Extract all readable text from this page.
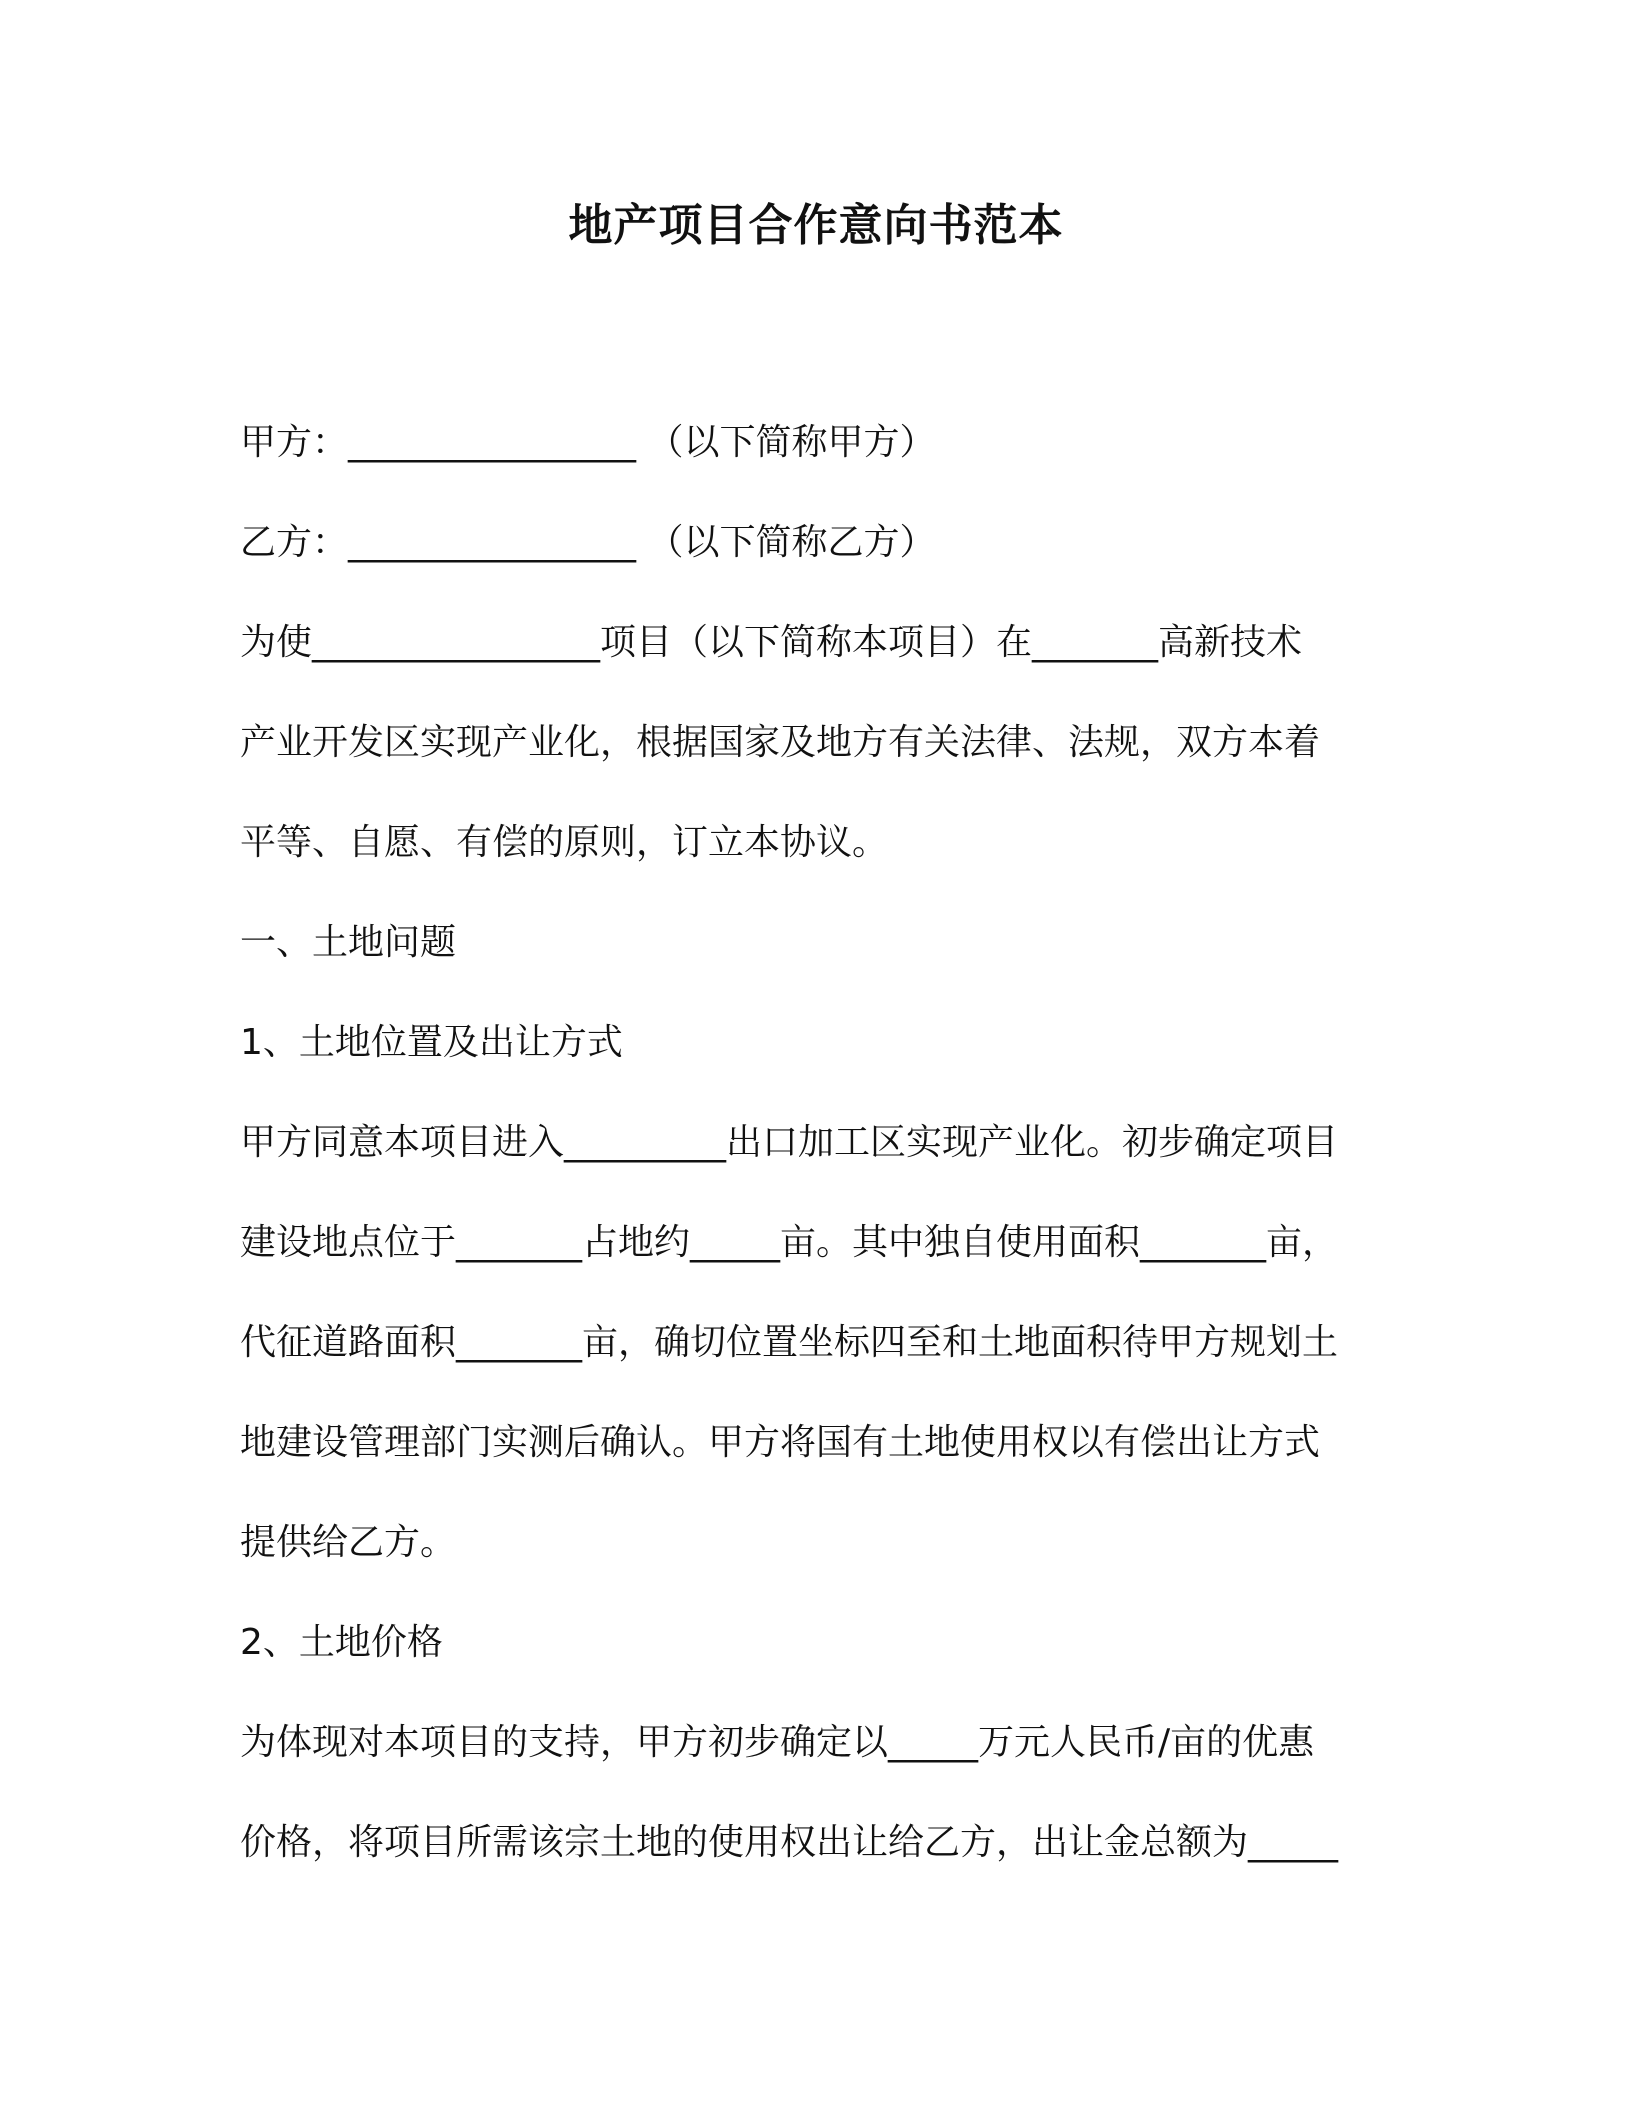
地产项目合作意向书范本

甲方：________________ （以下简称甲方）

乙方：________________ （以下简称乙方）

为使________________项目（以下简称本项目）在_______高新技术

产业开发区实现产业化，根据国家及地方有关法律、法规，双方本着

平等、自愿、有偿的原则，订立本协议。

一、土地问题

1、土地位置及出让方式

甲方同意本项目进入_________出口加工区实现产业化。初步确定项目

建设地点位于_______占地约_____亩。其中独自使用面积_______亩，

代征道路面积_______亩，确切位置坐标四至和土地面积待甲方规划土

地建设管理部门实测后确认。甲方将国有土地使用权以有偿出让方式

提供给乙方。

2、土地价格

为体现对本项目的支持，甲方初步确定以_____万元人民币/亩的优惠

价格，将项目所需该宗土地的使用权出让给乙方，出让金总额为_____
